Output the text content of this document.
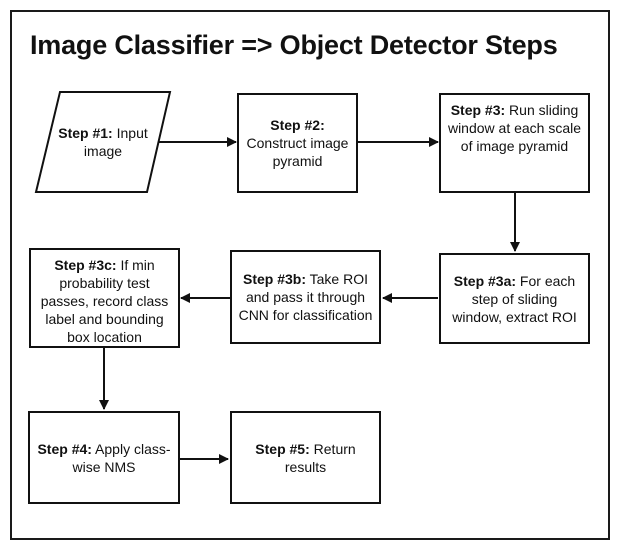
Image Classifier => Object Detector Steps
Step #1: Input image
Step #2: Construct image pyramid
Step #3: Run sliding window at each scale of image pyramid
Step #3a: For each step of sliding window, extract ROI
Step #3b: Take ROI and pass it through CNN for classification
Step #3c: If min probability test passes, record class label and bounding box location
Step #4: Apply class-wise NMS
Step #5: Return results
